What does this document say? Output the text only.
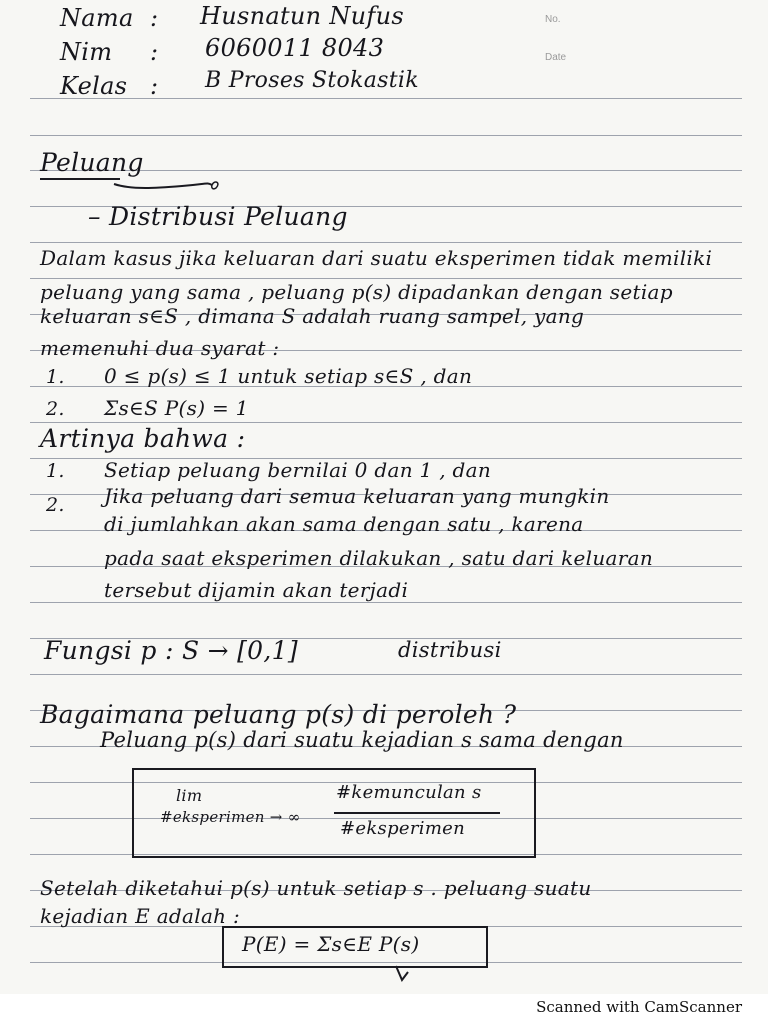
No.
Date
Nama : Husnatun Nufus
Nim : 6060011 8043
Kelas : B Proses Stokastik
Peluang
– Distribusi Peluang
Dalam kasus jika keluaran dari suatu eksperimen tidak memiliki
peluang yang sama , peluang p(s) dipadankan dengan setiap
keluaran s∈S , dimana S adalah ruang sampel, yang
memenuhi dua syarat :
1. 0 ≤ p(s) ≤ 1 untuk setiap s∈S , dan
2. Σs∈S P(s) = 1
Artinya bahwa :
1. Setiap peluang bernilai 0 dan 1 , dan
2. Jika peluang dari semua keluaran yang mungkin
di jumlahkan akan sama dengan satu , karena
pada saat eksperimen dilakukan , satu dari keluaran
tersebut dijamin akan terjadi
Fungsi p : S → [0,1]	distribusi
Bagaimana peluang p(s) di peroleh ?
Peluang p(s) dari suatu kejadian s sama dengan
lim
#eksperimen → ∞
#kemunculan s
#eksperimen
Setelah diketahui p(s) untuk setiap s . peluang suatu
kejadian E adalah :
P(E) = Σs∈E P(s)
Scanned with CamScanner
